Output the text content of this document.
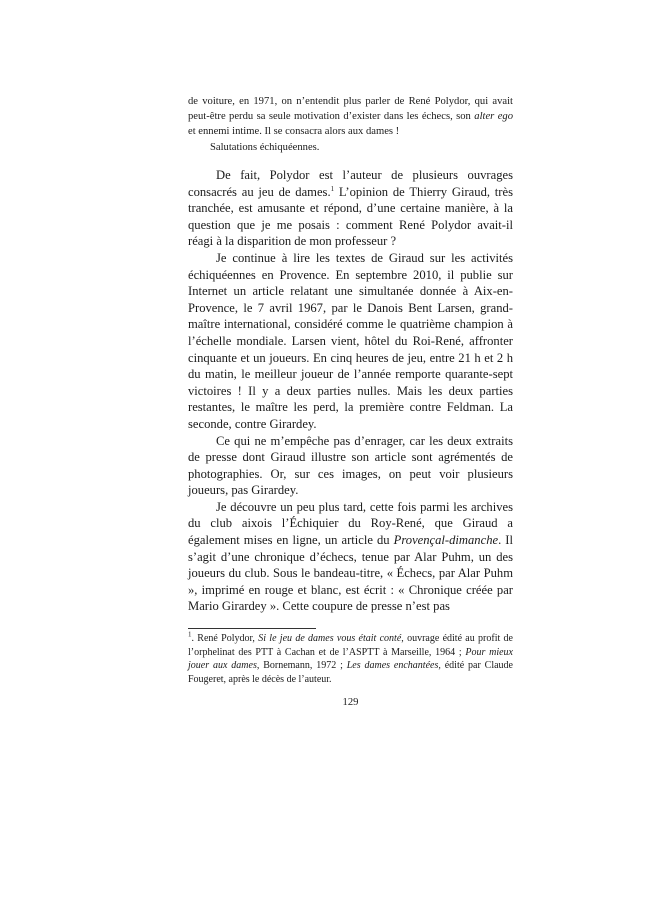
de voiture, en 1971, on n’entendit plus parler de René Polydor, qui avait peut-être perdu sa seule motivation d’exister dans les échecs, son alter ego et ennemi intime. Il se consacra alors aux dames !

Salutations échiquéennes.

De fait, Polydor est l’auteur de plusieurs ouvrages consacrés au jeu de dames.$^1$ L’opinion de Thierry Giraud, très tranchée, est amusante et répond, d’une certaine manière, à la question que je me posais : comment René Polydor avait-il réagi à la disparition de mon professeur ?

Je continue à lire les textes de Giraud sur les activités échiquéennes en Provence. En septembre 2010, il publie sur Internet un article relatant une simultanée donnée à Aix-en-Provence, le 7 avril 1967, par le Danois Bent Larsen, grand-maître international, considéré comme le quatrième champion à l’échelle mondiale. Larsen vient, hôtel du Roi-René, affronter cinquante et un joueurs. En cinq heures de jeu, entre 21 h et 2 h du matin, le meilleur joueur de l’année remporte quarante-sept victoires ! Il y a deux parties nulles. Mais les deux parties restantes, le maître les perd, la première contre Feldman. La seconde, contre Girardey.

Ce qui ne m’empêche pas d’enrager, car les deux extraits de presse dont Giraud illustre son article sont agrémentés de photographies. Or, sur ces images, on peut voir plusieurs joueurs, pas Girardey.

Je découvre un peu plus tard, cette fois parmi les archives du club aixois l’Échiquier du Roy-René, que Giraud a également mises en ligne, un article du Provençal-dimanche. Il s’agit d’une chronique d’échecs, tenue par Alar Puhm, un des joueurs du club. Sous le bandeau-titre, « Échecs, par Alar Puhm », imprimé en rouge et blanc, est écrit : « Chronique créée par Mario Girardey ». Cette coupure de presse n’est pas

$^1$. René Polydor, Si le jeu de dames vous était conté, ouvrage édité au profit de l’orphelinat des PTT à Cachan et de l’ASPTT à Marseille, 1964 ; Pour mieux jouer aux dames, Bornemann, 1972 ; Les dames enchantées, édité par Claude Fougeret, après le décès de l’auteur.

129
